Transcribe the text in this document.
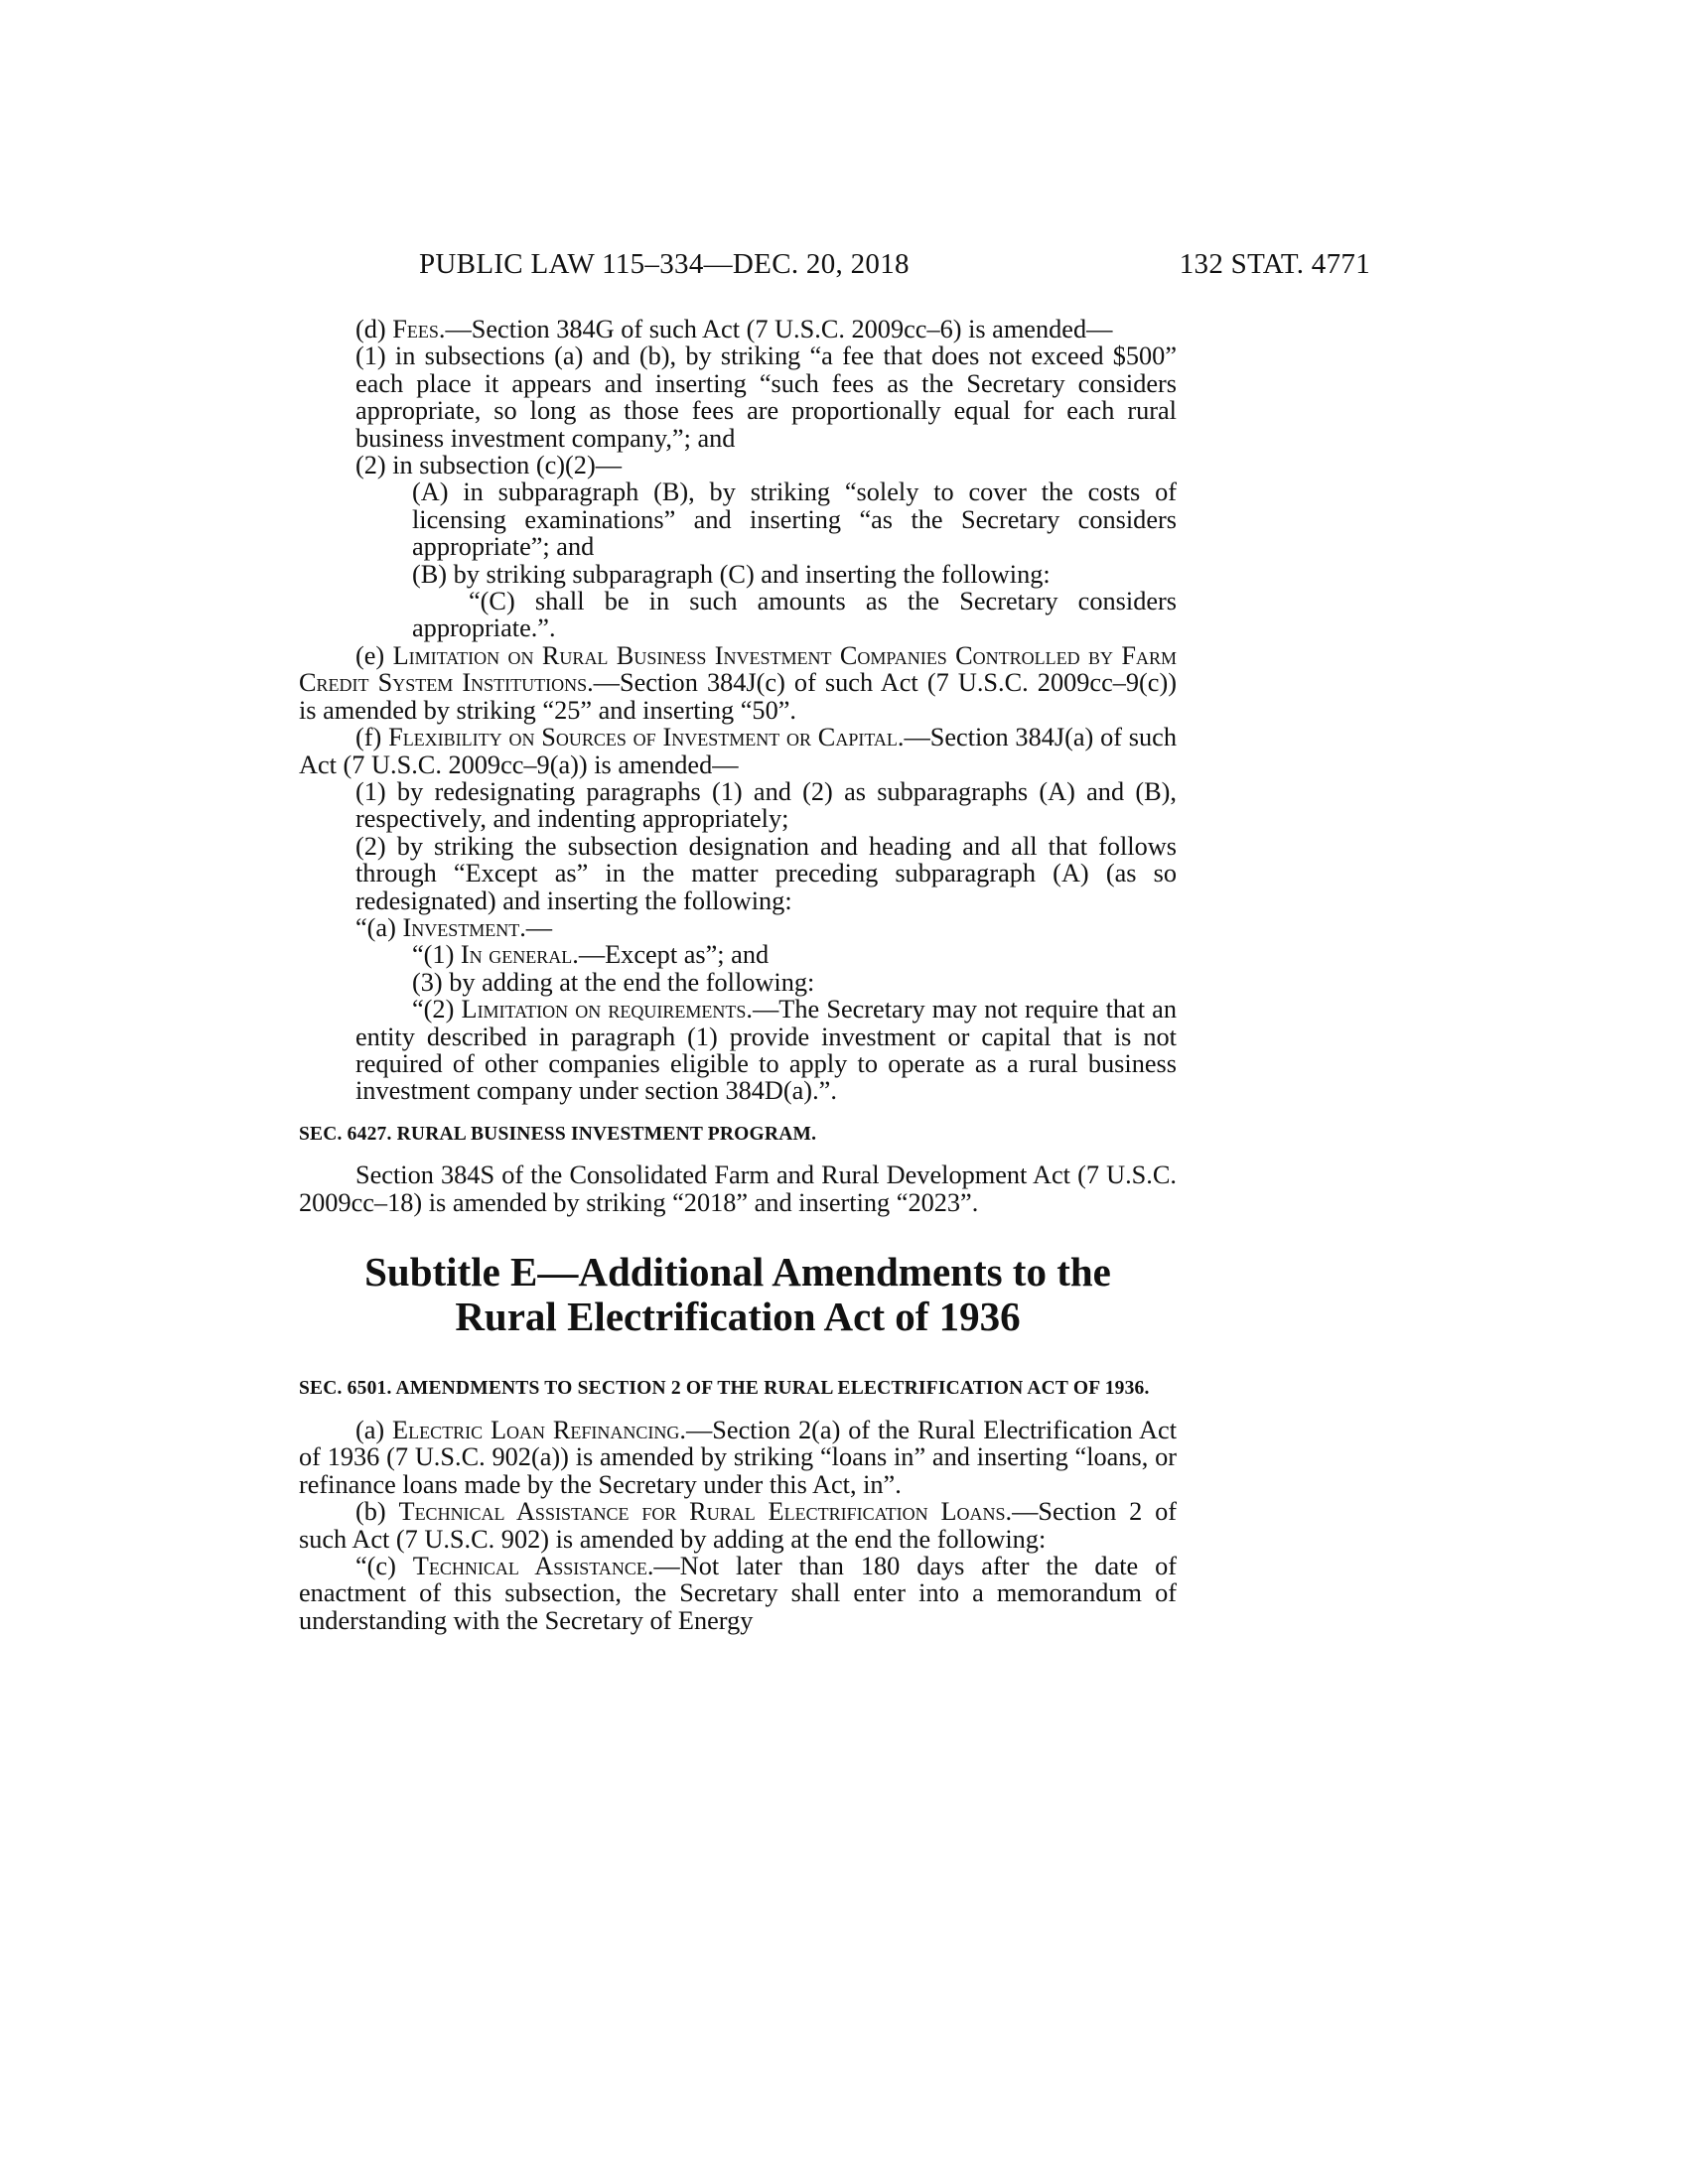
PUBLIC LAW 115–334—DEC. 20, 2018	132 STAT. 4771

(d) Fees.—Section 384G of such Act (7 U.S.C. 2009cc–6) is amended—

(1) in subsections (a) and (b), by striking “a fee that does not exceed $500” each place it appears and inserting “such fees as the Secretary considers appropriate, so long as those fees are proportionally equal for each rural business investment company,”; and

(2) in subsection (c)(2)—

(A) in subparagraph (B), by striking “solely to cover the costs of licensing examinations” and inserting “as the Secretary considers appropriate”; and

(B) by striking subparagraph (C) and inserting the following:

“(C) shall be in such amounts as the Secretary considers appropriate.”.

(e) Limitation on Rural Business Investment Companies Controlled by Farm Credit System Institutions.—Section 384J(c) of such Act (7 U.S.C. 2009cc–9(c)) is amended by striking “25” and inserting “50”.

(f) Flexibility on Sources of Investment or Capital.—Section 384J(a) of such Act (7 U.S.C. 2009cc–9(a)) is amended—

(1) by redesignating paragraphs (1) and (2) as subparagraphs (A) and (B), respectively, and indenting appropriately;

(2) by striking the subsection designation and heading and all that follows through “Except as” in the matter preceding subparagraph (A) (as so redesignated) and inserting the following:

“(a) Investment.—

“(1) In general.—Except as”; and

(3) by adding at the end the following:

“(2) Limitation on requirements.—The Secretary may not require that an entity described in paragraph (1) provide investment or capital that is not required of other companies eligible to apply to operate as a rural business investment company under section 384D(a).”.

SEC. 6427. RURAL BUSINESS INVESTMENT PROGRAM.

Section 384S of the Consolidated Farm and Rural Development Act (7 U.S.C. 2009cc–18) is amended by striking “2018” and inserting “2023”.

Subtitle E—Additional Amendments to the
Rural Electrification Act of 1936
SEC. 6501. AMENDMENTS TO SECTION 2 OF THE RURAL ELECTRIFICATION ACT OF 1936.

(a) Electric Loan Refinancing.—Section 2(a) of the Rural Electrification Act of 1936 (7 U.S.C. 902(a)) is amended by striking “loans in” and inserting “loans, or refinance loans made by the Secretary under this Act, in”.

(b) Technical Assistance for Rural Electrification Loans.—Section 2 of such Act (7 U.S.C. 902) is amended by adding at the end the following:

“(c) Technical Assistance.—Not later than 180 days after the date of enactment of this subsection, the Secretary shall enter into a memorandum of understanding with the Secretary of Energy
